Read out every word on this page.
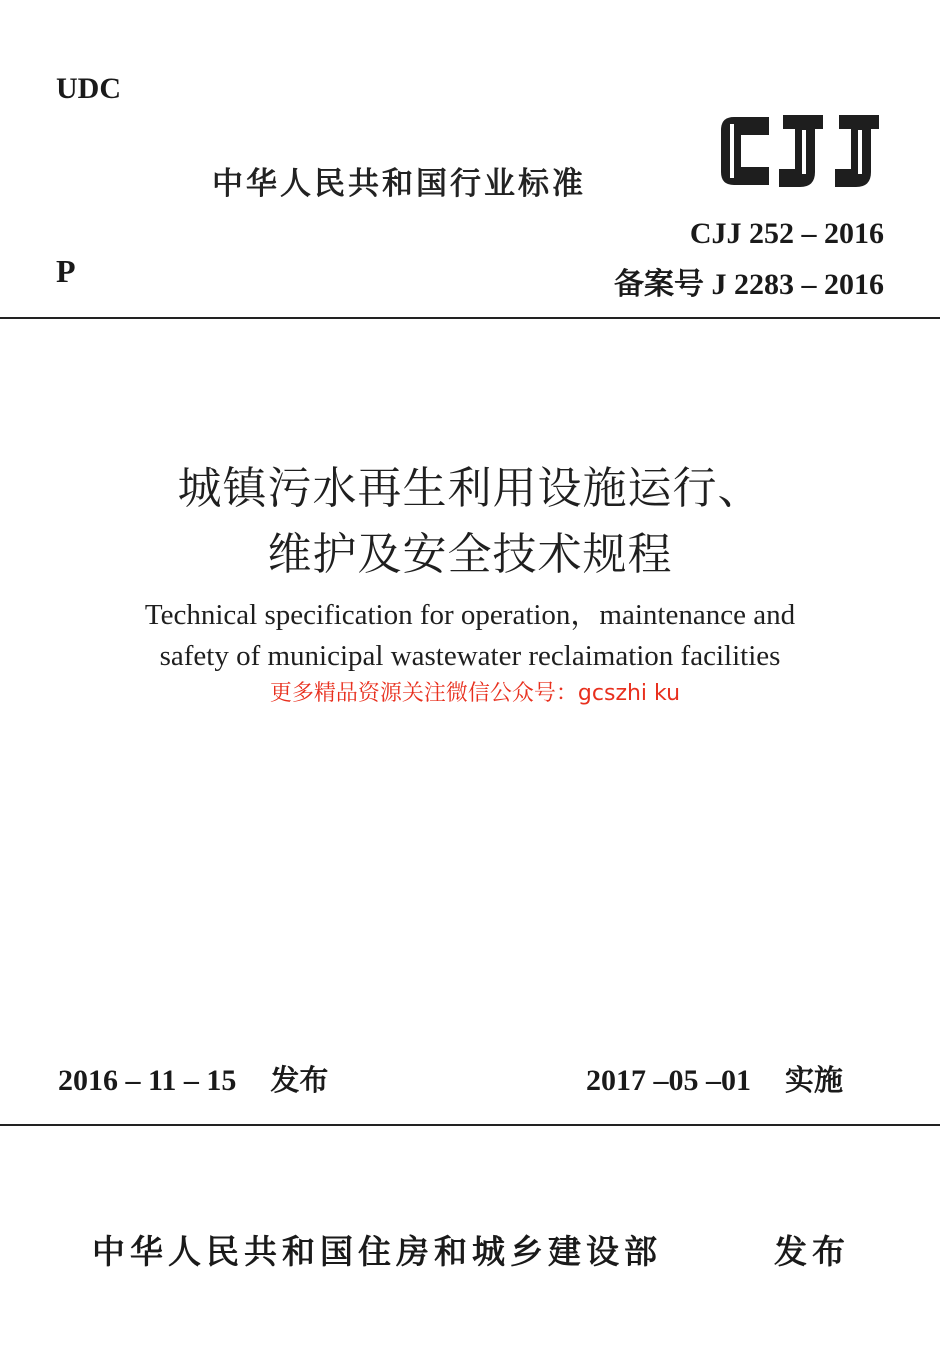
UDC
中华人民共和国行业标准
CJJ 252 – 2016
备案号 J 2283 – 2016
P
城镇污水再生利用设施运行、
维护及安全技术规程
Technical specification for operation，maintenance and
safety of municipal wastewater reclaimation facilities
更多精品资源关注微信公众号：gcszhi ku
2016 – 11 – 15 发布	2017 –05 –01 实施
中华人民共和国住房和城乡建设部	发布
